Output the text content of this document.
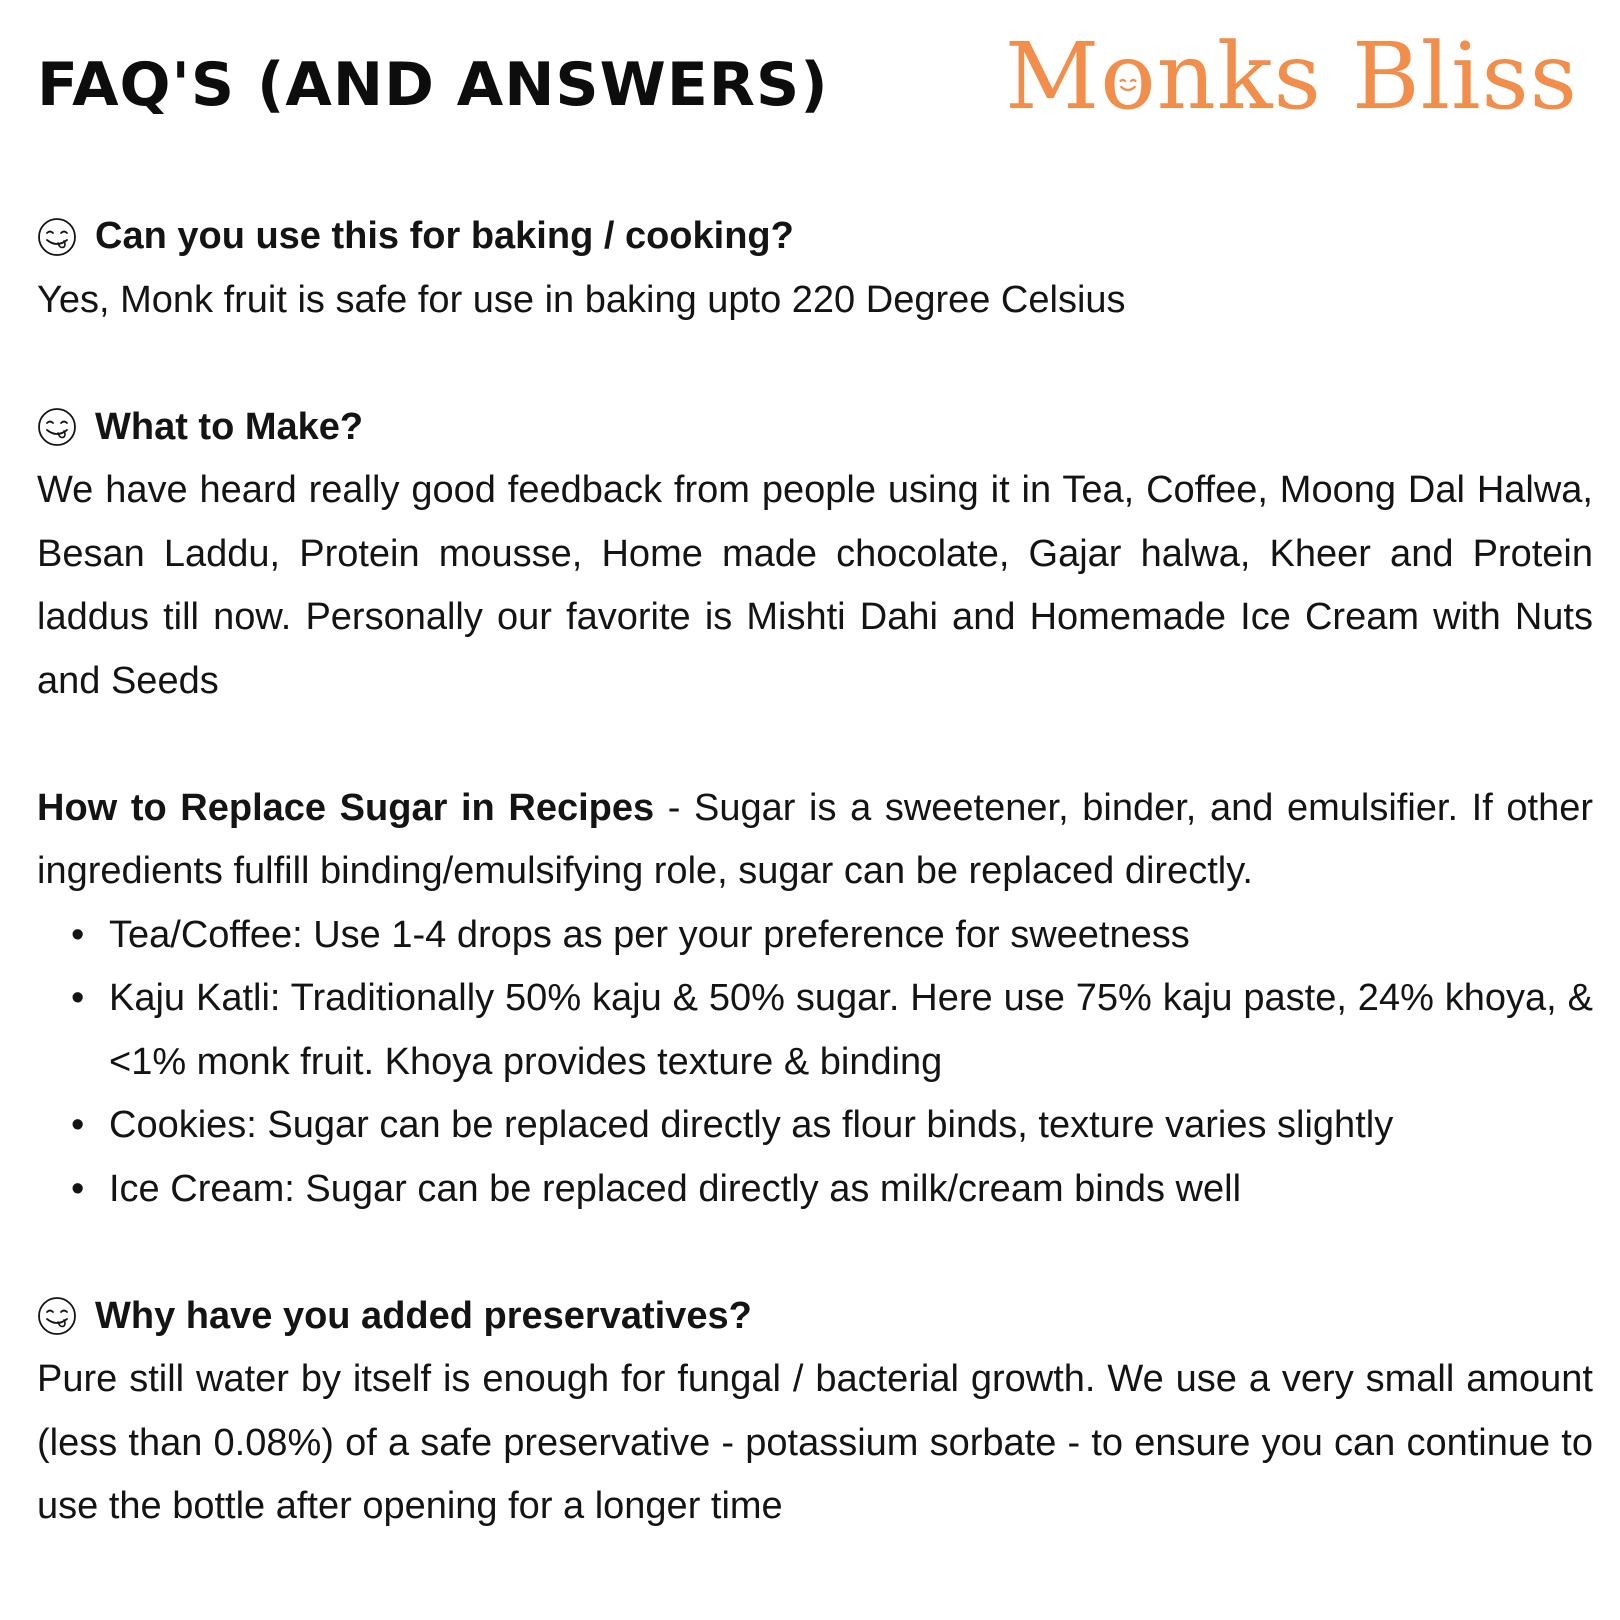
FAQ'S (AND ANSWERS) Mo
nks Bliss

Can you use this for baking / cooking?

Yes, Monk fruit is safe for use in baking upto 220 Degree Celsius

What to Make?

We have heard really good feedback from people using it in Tea, Coffee, Moong Dal Halwa, Besan Laddu, Protein mousse, Home made chocolate, Gajar halwa, Kheer and Protein laddus till now. Personally our favorite is Mishti Dahi and Homemade Ice Cream with Nuts and Seeds

How to Replace Sugar in Recipes - Sugar is a sweetener, binder, and emulsifier. If other ingredients fulfill binding/emulsifying role, sugar can be replaced directly.

• Tea/Coffee: Use 1-4 drops as per your preference for sweetness
• Kaju Katli: Traditionally 50% kaju & 50% sugar. Here use 75% kaju paste, 24% khoya, & <1% monk fruit. Khoya provides texture & binding
• Cookies: Sugar can be replaced directly as flour binds, texture varies slightly
• Ice Cream: Sugar can be replaced directly as milk/cream binds well

Why have you added preservatives?

Pure still water by itself is enough for fungal / bacterial growth. We use a very small amount (less than 0.08%) of a safe preservative - potassium sorbate - to ensure you can continue to use the bottle after opening for a longer time
